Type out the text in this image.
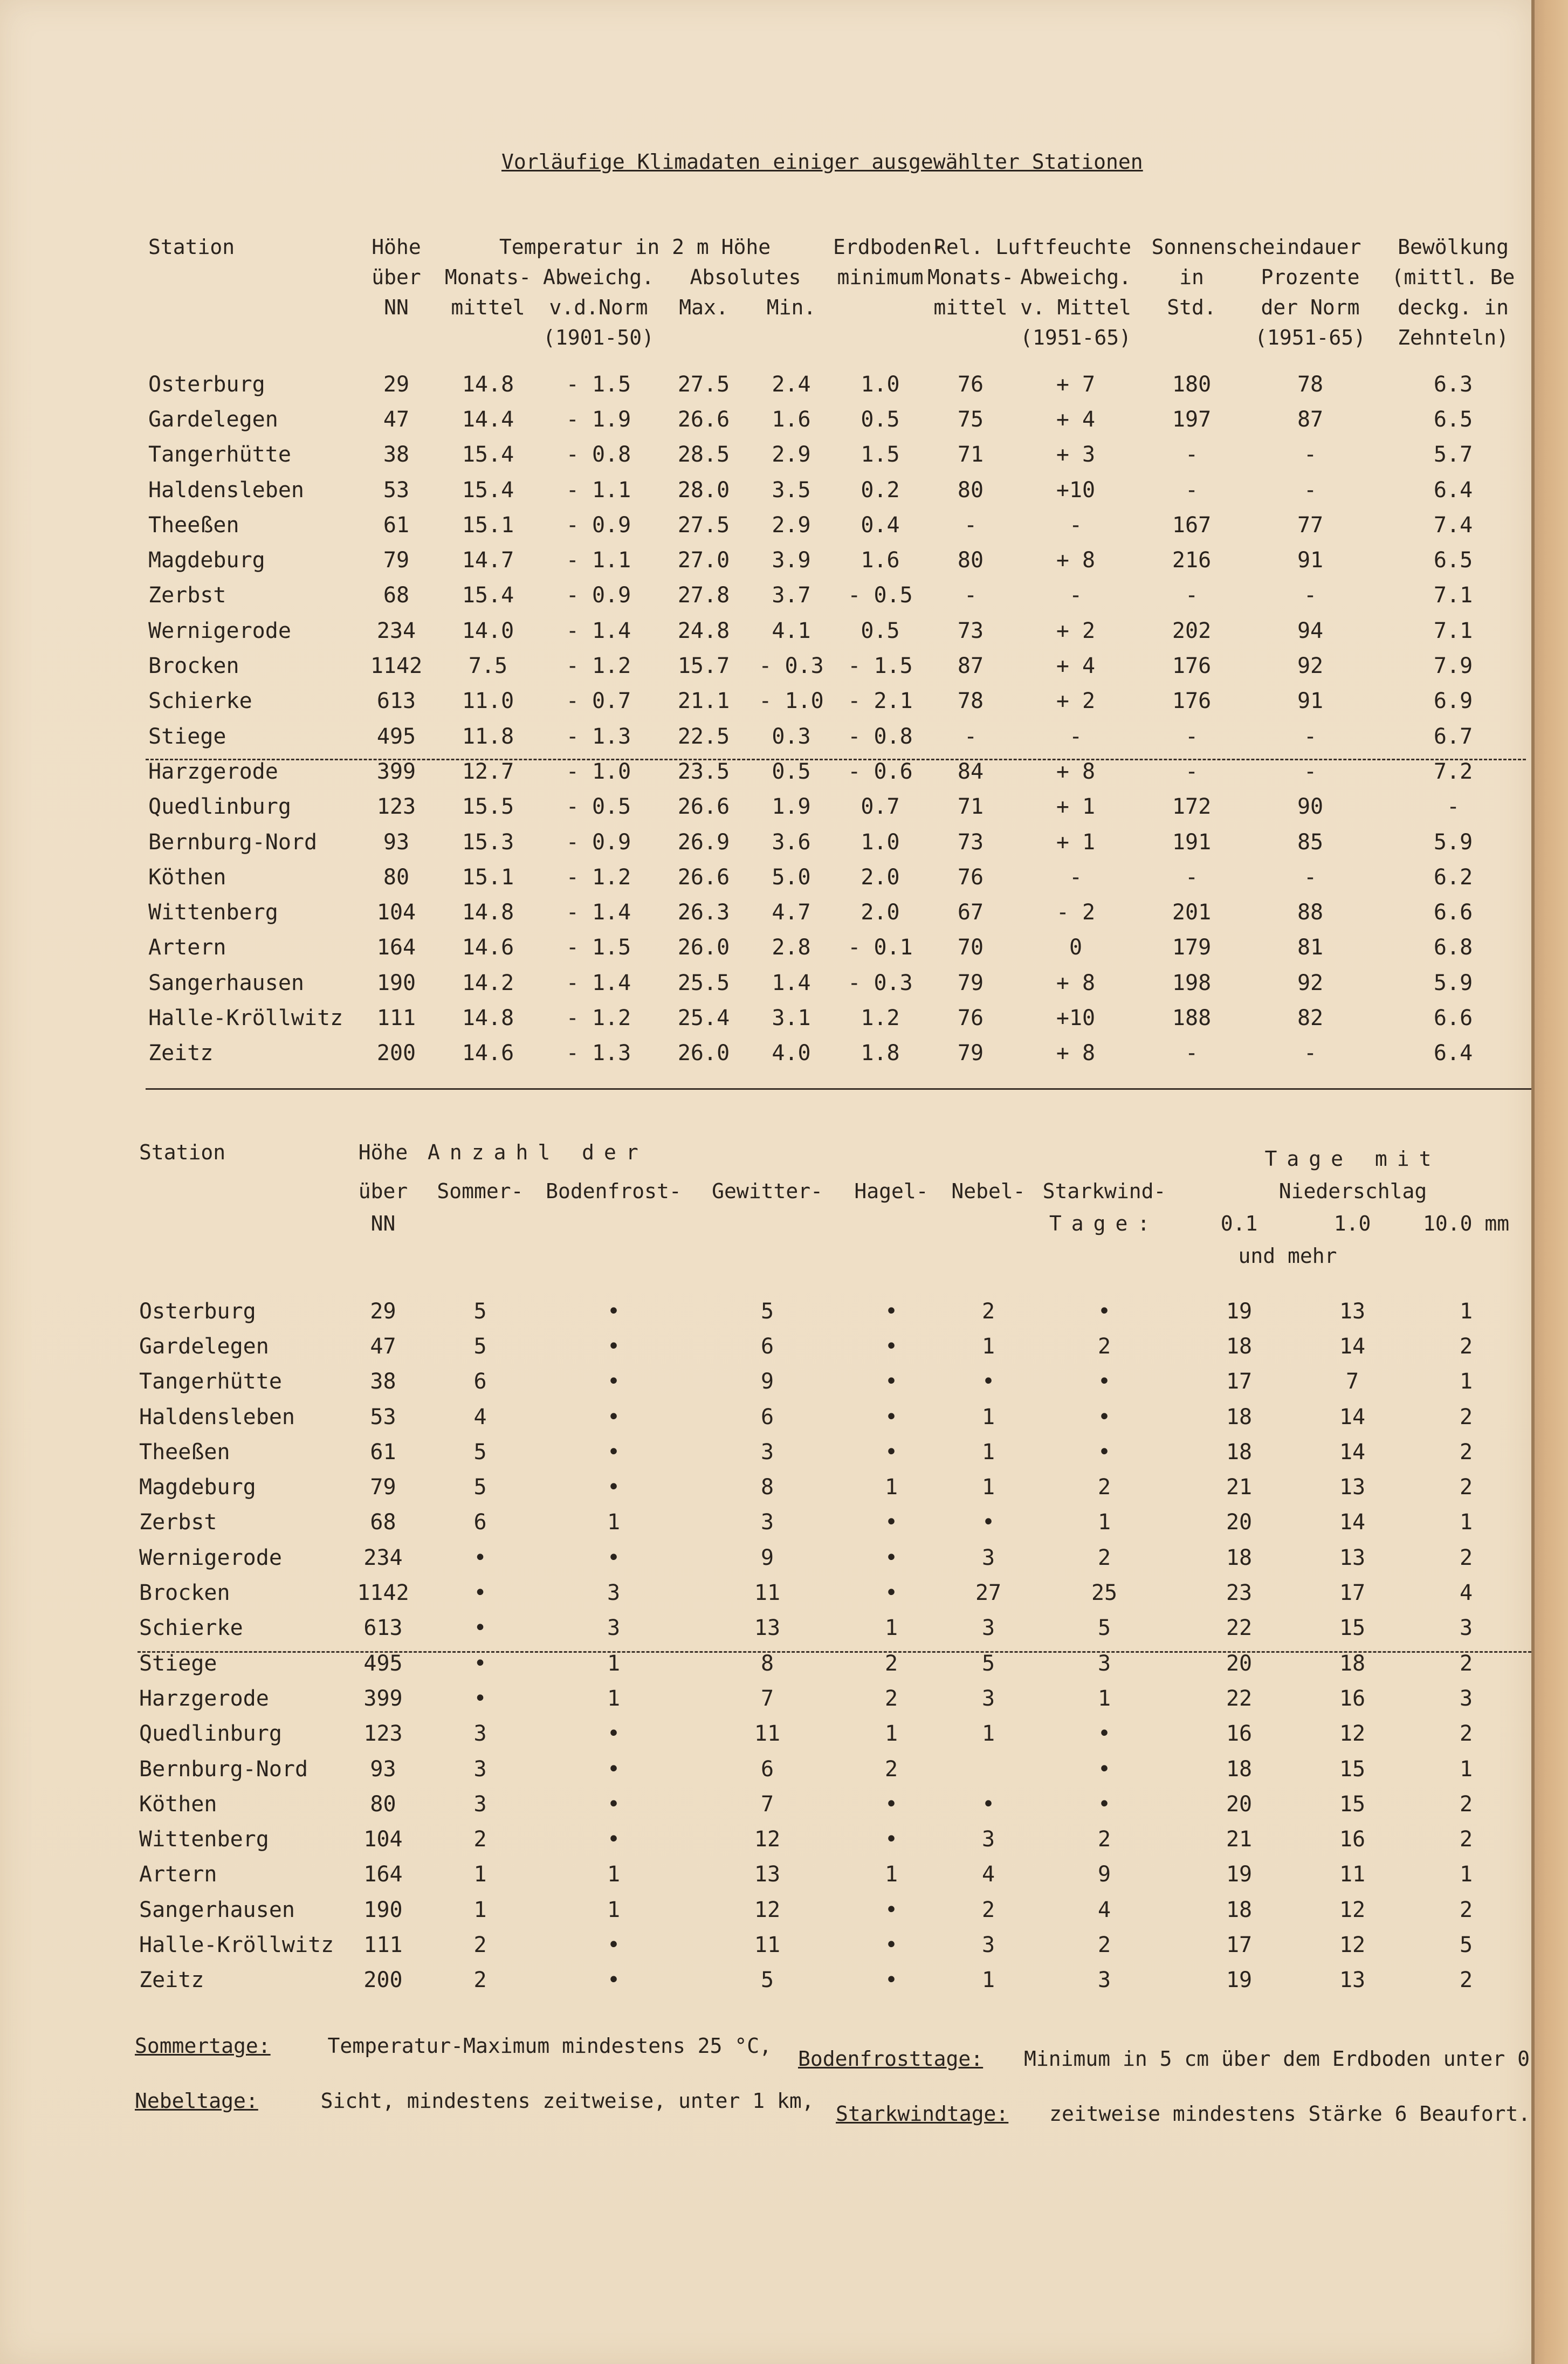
Vorläufige Klimadaten einiger ausgewählter Stationen
Station	Höhe	Temperatur in 2 m Höhe				Erdboden-	Rel. Luftfeuchte		Sonnenscheindauer		Bewölkung
	über	Monats-	Abweichg.	Absolutes		minimum	Monats-	Abweichg.	in	Prozente	(mittl. Be
	NN	mittel	v.d.Norm	Max.	Min.		mittel	v. Mittel	Std.	der Norm	deckg. in
			(1901-50)					(1951-65)		(1951-65)	Zehnteln)

Osterburg	29	14.8	- 1.5	27.5	2.4	1.0	76	+ 7	180	78	6.3
Gardelegen	47	14.4	- 1.9	26.6	1.6	0.5	75	+ 4	197	87	6.5
Tangerhütte	38	15.4	- 0.8	28.5	2.9	1.5	71	+ 3	-	-	5.7
Haldensleben	53	15.4	- 1.1	28.0	3.5	0.2	80	+10	-	-	6.4
Theeßen	61	15.1	- 0.9	27.5	2.9	0.4	-	-	167	77	7.4
Magdeburg	79	14.7	- 1.1	27.0	3.9	1.6	80	+ 8	216	91	6.5
Zerbst	68	15.4	- 0.9	27.8	3.7	- 0.5	-	-	-	-	7.1
Wernigerode	234	14.0	- 1.4	24.8	4.1	0.5	73	+ 2	202	94	7.1
Brocken	1142	7.5	- 1.2	15.7	- 0.3	- 1.5	87	+ 4	176	92	7.9
Schierke	613	11.0	- 0.7	21.1	- 1.0	- 2.1	78	+ 2	176	91	6.9
Stiege	495	11.8	- 1.3	22.5	0.3	- 0.8	-	-	-	-	6.7
Harzgerode	399	12.7	- 1.0	23.5	0.5	- 0.6	84	+ 8	-	-	7.2
Quedlinburg	123	15.5	- 0.5	26.6	1.9	0.7	71	+ 1	172	90	-
Bernburg-Nord	93	15.3	- 0.9	26.9	3.6	1.0	73	+ 1	191	85	5.9
Köthen	80	15.1	- 1.2	26.6	5.0	2.0	76	-	-	-	6.2
Wittenberg	104	14.8	- 1.4	26.3	4.7	2.0	67	- 2	201	88	6.6
Artern	164	14.6	- 1.5	26.0	2.8	- 0.1	70	0	179	81	6.8
Sangerhausen	190	14.2	- 1.4	25.5	1.4	- 0.3	79	+ 8	198	92	5.9
Halle-Kröllwitz	111	14.8	- 1.2	25.4	3.1	1.2	76	+10	188	82	6.6
Zeitz	200	14.6	- 1.3	26.0	4.0	1.8	79	+ 8	-	-	6.4
Station	Höhe	Anzahl der						Tage mit		
	über	Sommer-	Bodenfrost-	Gewitter-	Hagel-	Nebel-	Starkwind-	Niederschlag		
	NN						Tage:	0.1	1.0	10.0 mm
								und mehr		

Osterburg	29	5	•	5	•	2	•	19	13	1
Gardelegen	47	5	•	6	•	1	2	18	14	2
Tangerhütte	38	6	•	9	•	•	•	17	7	1
Haldensleben	53	4	•	6	•	1	•	18	14	2
Theeßen	61	5	•	3	•	1	•	18	14	2
Magdeburg	79	5	•	8	1	1	2	21	13	2
Zerbst	68	6	1	3	•	•	1	20	14	1
Wernigerode	234	•	•	9	•	3	2	18	13	2
Brocken	1142	•	3	11	•	27	25	23	17	4
Schierke	613	•	3	13	1	3	5	22	15	3
Stiege	495	•	1	8	2	5	3	20	18	2
Harzgerode	399	•	1	7	2	3	1	22	16	3
Quedlinburg	123	3	•	11	1	1	•	16	12	2
Bernburg-Nord	93	3	•	6	2		•	18	15	1
Köthen	80	3	•	7	•	•	•	20	15	2
Wittenberg	104	2	•	12	•	3	2	21	16	2
Artern	164	1	1	13	1	4	9	19	11	1
Sangerhausen	190	1	1	12	•	2	4	18	12	2
Halle-Kröllwitz	111	2	•	11	•	3	2	17	12	5
Zeitz	200	2	•	5	•	1	3	19	13	2
Sommertage:	Temperatur-Maximum mindestens 25 °C,
Bodenfrosttage: Minimum in 5 cm über dem Erdboden unter 0
Nebeltage:	Sicht, mindestens zeitweise, unter 1 km,
Starkwindtage: zeitweise mindestens Stärke 6 Beaufort.
